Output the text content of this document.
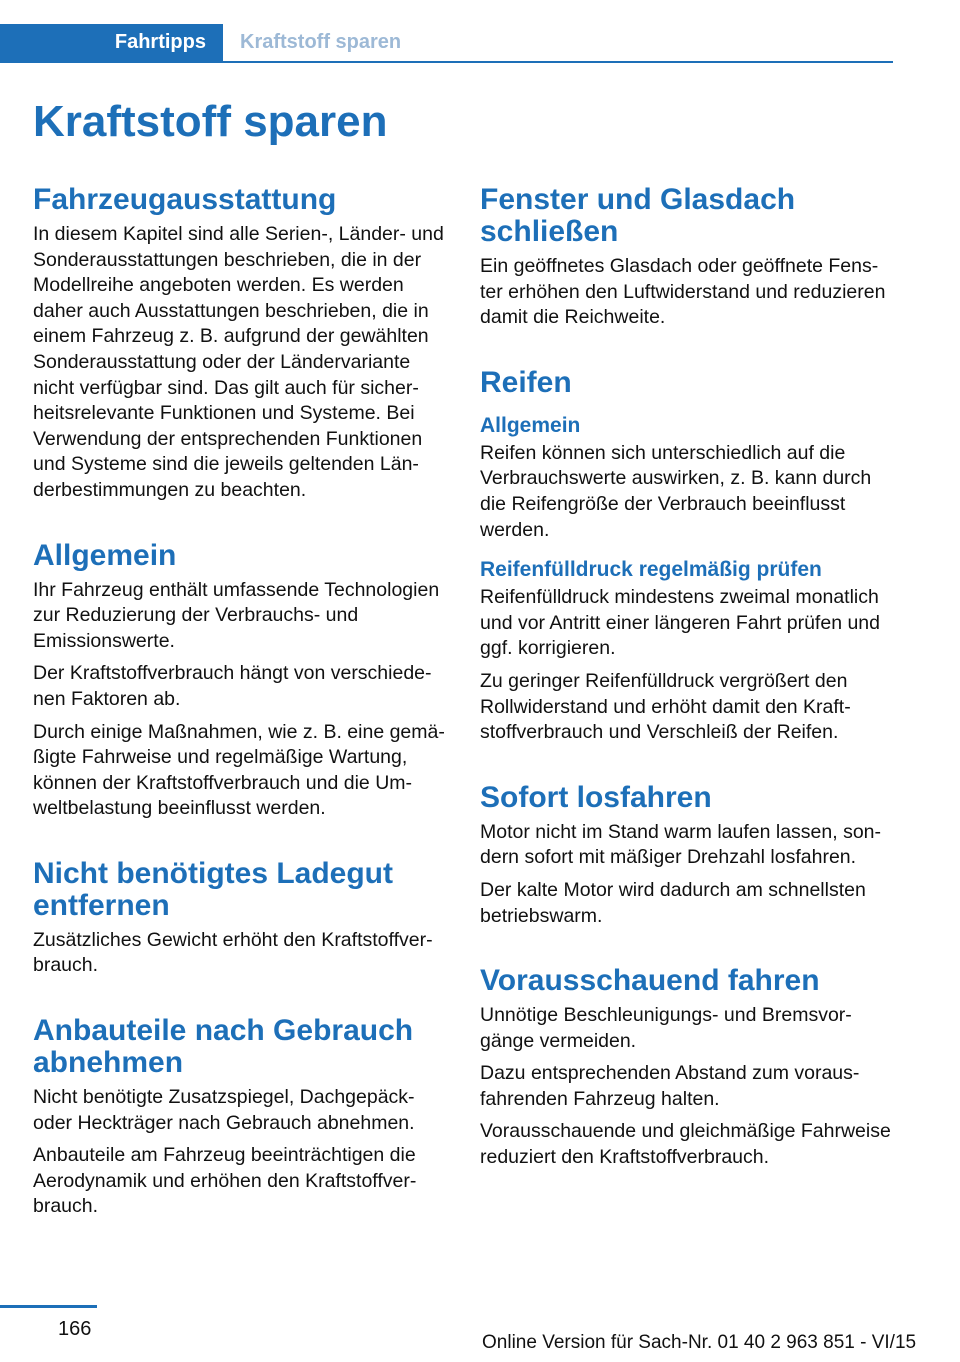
Fahrtipps	Kraftstoff sparen
Kraftstoff sparen
Fahrzeugausstattung

In diesem Kapitel sind alle Serien-, Länder- und Sonderausstattungen beschrieben, die in der Modellreihe angeboten werden. Es werden daher auch Ausstattungen beschrieben, die in einem Fahrzeug z. B. aufgrund der gewählten Sonderausstattung oder der Ländervariante nicht verfügbar sind. Das gilt auch für sicherheitsrelevante Funktionen und Systeme. Bei Verwendung der entsprechenden Funktionen und Systeme sind die jeweils geltenden Länderbestimmungen zu beachten.

Allgemein

Ihr Fahrzeug enthält umfassende Technologien zur Reduzierung der Verbrauchs- und Emissionswerte.

Der Kraftstoffverbrauch hängt von verschiedenen Faktoren ab.

Durch einige Maßnahmen, wie z. B. eine gemäßigte Fahrweise und regelmäßige Wartung, können der Kraftstoffverbrauch und die Umweltbelastung beeinflusst werden.

Nicht benötigtes Ladegut entfernen

Zusätzliches Gewicht erhöht den Kraftstoffverbrauch.

Anbauteile nach Gebrauch abnehmen

Nicht benötigte Zusatzspiegel, Dachgepäck- oder Heckträger nach Gebrauch abnehmen.

Anbauteile am Fahrzeug beeinträchtigen die Aerodynamik und erhöhen den Kraftstoffverbrauch.

Fenster und Glasdach schließen

Ein geöffnetes Glasdach oder geöffnete Fenster erhöhen den Luftwiderstand und reduzieren damit die Reichweite.

Reifen
Allgemein

Reifen können sich unterschiedlich auf die Verbrauchswerte auswirken, z. B. kann durch die Reifengröße der Verbrauch beeinflusst werden.

Reifenfülldruck regelmäßig prüfen

Reifenfülldruck mindestens zweimal monatlich und vor Antritt einer längeren Fahrt prüfen und ggf. korrigieren.

Zu geringer Reifenfülldruck vergrößert den Rollwiderstand und erhöht damit den Kraftstoffverbrauch und Verschleiß der Reifen.

Sofort losfahren

Motor nicht im Stand warm laufen lassen, sondern sofort mit mäßiger Drehzahl losfahren.

Der kalte Motor wird dadurch am schnellsten betriebswarm.

Vorausschauend fahren

Unnötige Beschleunigungs- und Bremsvorgänge vermeiden.

Dazu entsprechenden Abstand zum vorausfahrenden Fahrzeug halten.

Vorausschauende und gleichmäßige Fahrweise reduziert den Kraftstoffverbrauch.

166
Online Version für Sach-Nr. 01 40 2 963 851 - VI/15
